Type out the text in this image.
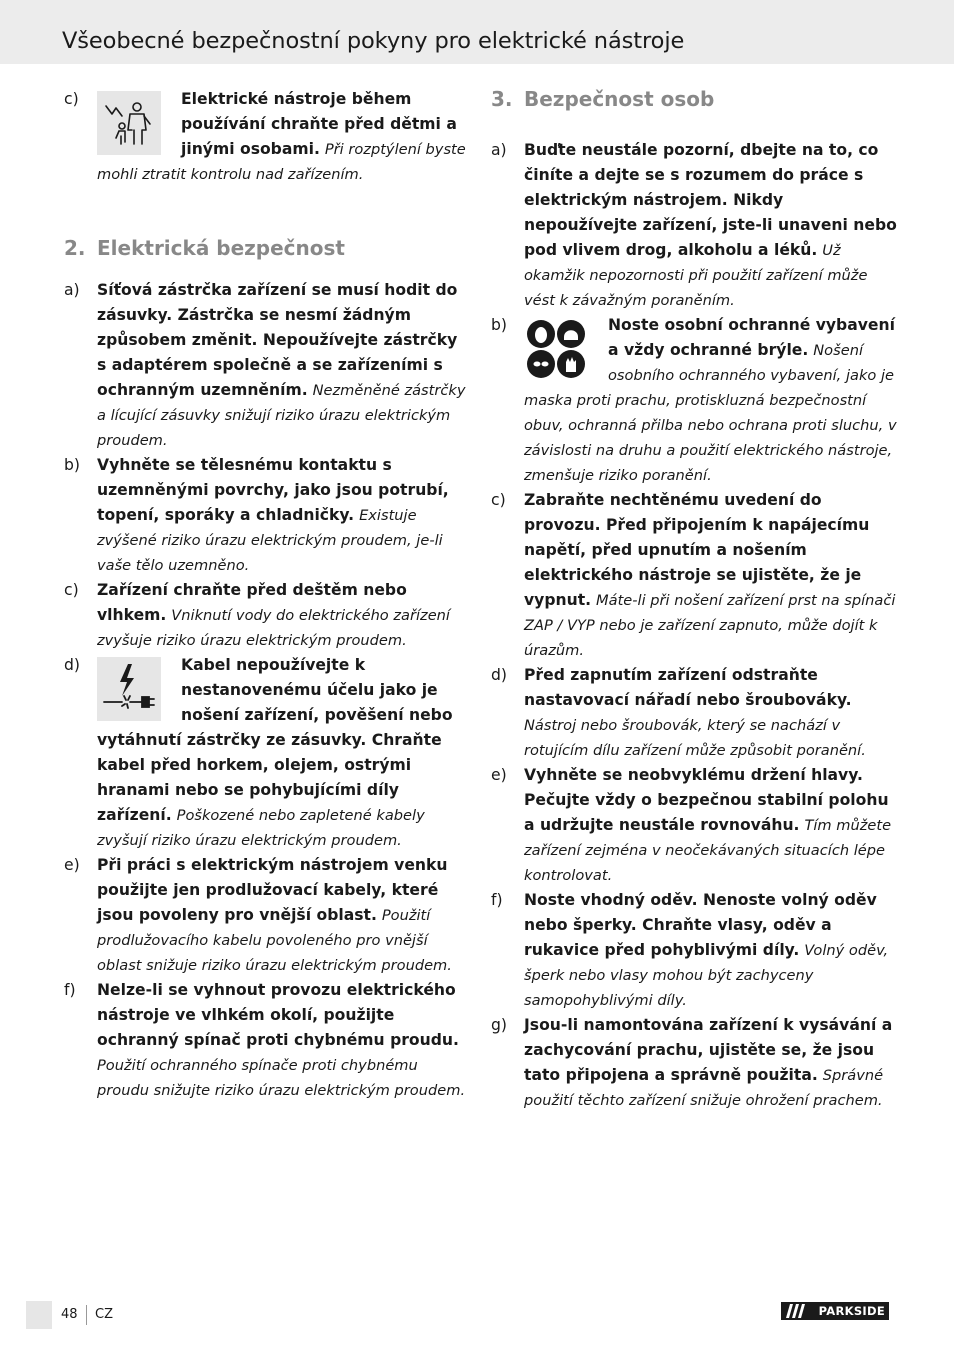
Všeobecné bezpečnostní pokyny pro elektrické nástroje
c)	Elektrické nástroje během používání chraňte před dětmi a jinými osobami. Při rozptýlení byste mohli ztratit kontrolu nad zařízením.
2. Elektrická bezpečnost
a) Síťová zástrčka zařízení se musí hodit do zásuvky. Zástrčka se nesmí žádným způsobem změnit. Nepoužívejte zástrčky s adaptérem společně a se zařízeními s ochranným uzemněním. Nezměněné zástrčky a lícující zásuvky snižují riziko úrazu elektrickým proudem.
b) Vyhněte se tělesnému kontaktu s uzemněnými povrchy, jako jsou potrubí, topení, sporáky a chladničky. Existuje zvýšené riziko úrazu elektrickým proudem, je-li vaše tělo uzemněno.
c) Zařízení chraňte před deštěm nebo vlhkem. Vniknutí vody do elektrického zařízení zvyšuje riziko úrazu elektrickým proudem.
d)	Kabel nepoužívejte k nestanovenému účelu jako je nošení zařízení, pověšení nebo vytáhnutí zástrčky ze zásuvky. Chraňte kabel před horkem, olejem, ostrými hranami nebo se pohybujícími díly zařízení. Poškozené nebo zapletené kabely zvyšují riziko úrazu elektrickým proudem.
e) Při práci s elektrickým nástrojem venku použijte jen prodlužovací kabely, které jsou povoleny pro vnější oblast. Použití prodlužovacího kabelu povoleného pro vnější oblast snižuje riziko úrazu elektrickým proudem.
f) Nelze-li se vyhnout provozu elektrického nástroje ve vlhkém okolí, použijte ochranný spínač proti chybnému proudu. Použití ochranného spínače proti chybnému proudu snižujte riziko úrazu elektrickým proudem.
3. Bezpečnost osob
a) Buďte neustále pozorní, dbejte na to, co činíte a dejte se s rozumem do práce s elektrickým nástrojem. Nikdy nepoužívejte zařízení, jste-li unaveni nebo pod vlivem drog, alkoholu a léků. Už okamžik nepozornosti při použití zařízení může vést k závažným poraněním.
b)	Noste osobní ochranné vybavení a vždy ochranné brýle. Nošení osobního ochranného vybavení, jako je maska proti prachu, protiskluzná bezpečnostní obuv, ochranná přilba nebo ochrana proti sluchu, v závislosti na druhu a použití elektrického nástroje, zmenšuje riziko poranění.
c) Zabraňte nechtěnému uvedení do provozu. Před připojením k napájecímu napětí, před upnutím a nošením elektrického nástroje se ujistěte, že je vypnut. Máte-li při nošení zařízení prst na spínači ZAP / VYP nebo je zařízení zapnuto, může dojít k úrazům.
d) Před zapnutím zařízení odstraňte nastavovací nářadí nebo šroubováky. Nástroj nebo šroubovák, který se nachází v rotujícím dílu zařízení může způsobit poranění.
e) Vyhněte se neobvyklému držení hlavy. Pečujte vždy o bezpečnou stabilní polohu a udržujte neustále rovnováhu. Tím můžete zařízení zejména v neočekávaných situacích lépe kontrolovat.
f) Noste vhodný oděv. Nenoste volný oděv nebo šperky. Chraňte vlasy, oděv a rukavice před pohyblivými díly. Volný oděv, šperk nebo vlasy mohou být zachyceny samopohyblivými díly.
g) Jsou-li namontována zařízení k vysávání a zachycování prachu, ujistěte se, že jsou tato připojena a správně použita. Správné použití těchto zařízení snižuje ohrožení prachem.
48 CZ	PARKSIDE
